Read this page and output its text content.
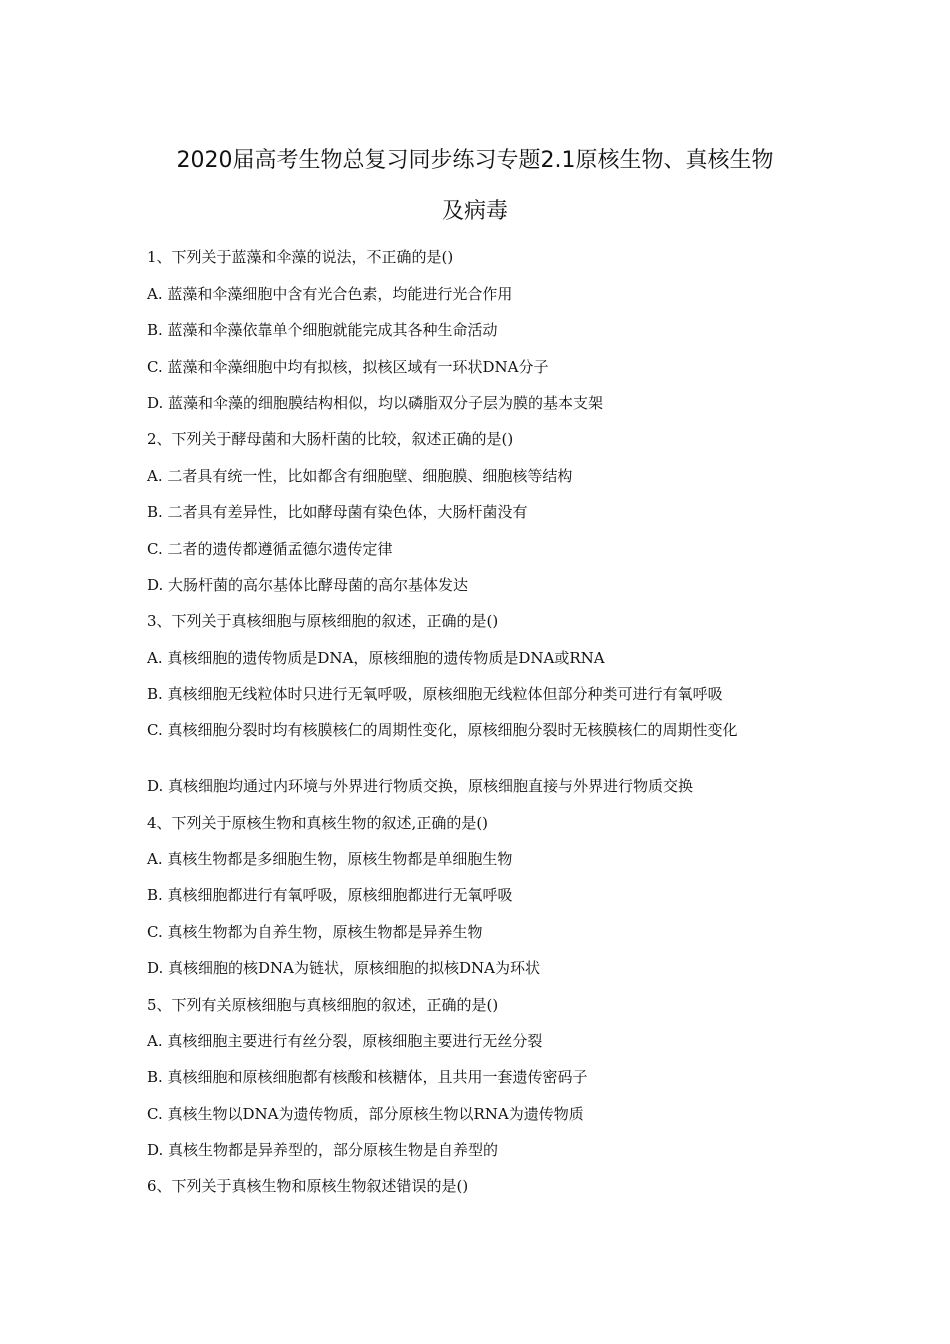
2020届高考生物总复习同步练习专题2.1原核生物、真核生物
及病毒
1、下列关于蓝藻和伞藻的说法，不正确的是()
A. 蓝藻和伞藻细胞中含有光合色素，均能进行光合作用
B. 蓝藻和伞藻依靠单个细胞就能完成其各种生命活动
C. 蓝藻和伞藻细胞中均有拟核，拟核区域有一环状DNA分子
D. 蓝藻和伞藻的细胞膜结构相似，均以磷脂双分子层为膜的基本支架
2、下列关于酵母菌和大肠杆菌的比较，叙述正确的是()
A. 二者具有统一性，比如都含有细胞壁、细胞膜、细胞核等结构
B. 二者具有差异性，比如酵母菌有染色体，大肠杆菌没有
C. 二者的遗传都遵循孟德尔遗传定律
D. 大肠杆菌的高尔基体比酵母菌的高尔基体发达
3、下列关于真核细胞与原核细胞的叙述，正确的是()
A. 真核细胞的遗传物质是DNA，原核细胞的遗传物质是DNA或RNA
B. 真核细胞无线粒体时只进行无氧呼吸，原核细胞无线粒体但部分种类可进行有氧呼吸
C. 真核细胞分裂时均有核膜核仁的周期性变化，原核细胞分裂时无核膜核仁的周期性变化
D. 真核细胞均通过内环境与外界进行物质交换，原核细胞直接与外界进行物质交换
4、下列关于原核生物和真核生物的叙述,正确的是()
A. 真核生物都是多细胞生物，原核生物都是单细胞生物
B. 真核细胞都进行有氧呼吸，原核细胞都进行无氧呼吸
C. 真核生物都为自养生物，原核生物都是异养生物
D. 真核细胞的核DNA为链状，原核细胞的拟核DNA为环状
5、下列有关原核细胞与真核细胞的叙述，正确的是()
A. 真核细胞主要进行有丝分裂，原核细胞主要进行无丝分裂
B. 真核细胞和原核细胞都有核酸和核糖体，且共用一套遗传密码子
C. 真核生物以DNA为遗传物质，部分原核生物以RNA为遗传物质
D. 真核生物都是异养型的，部分原核生物是自养型的
6、下列关于真核生物和原核生物叙述错误的是()
